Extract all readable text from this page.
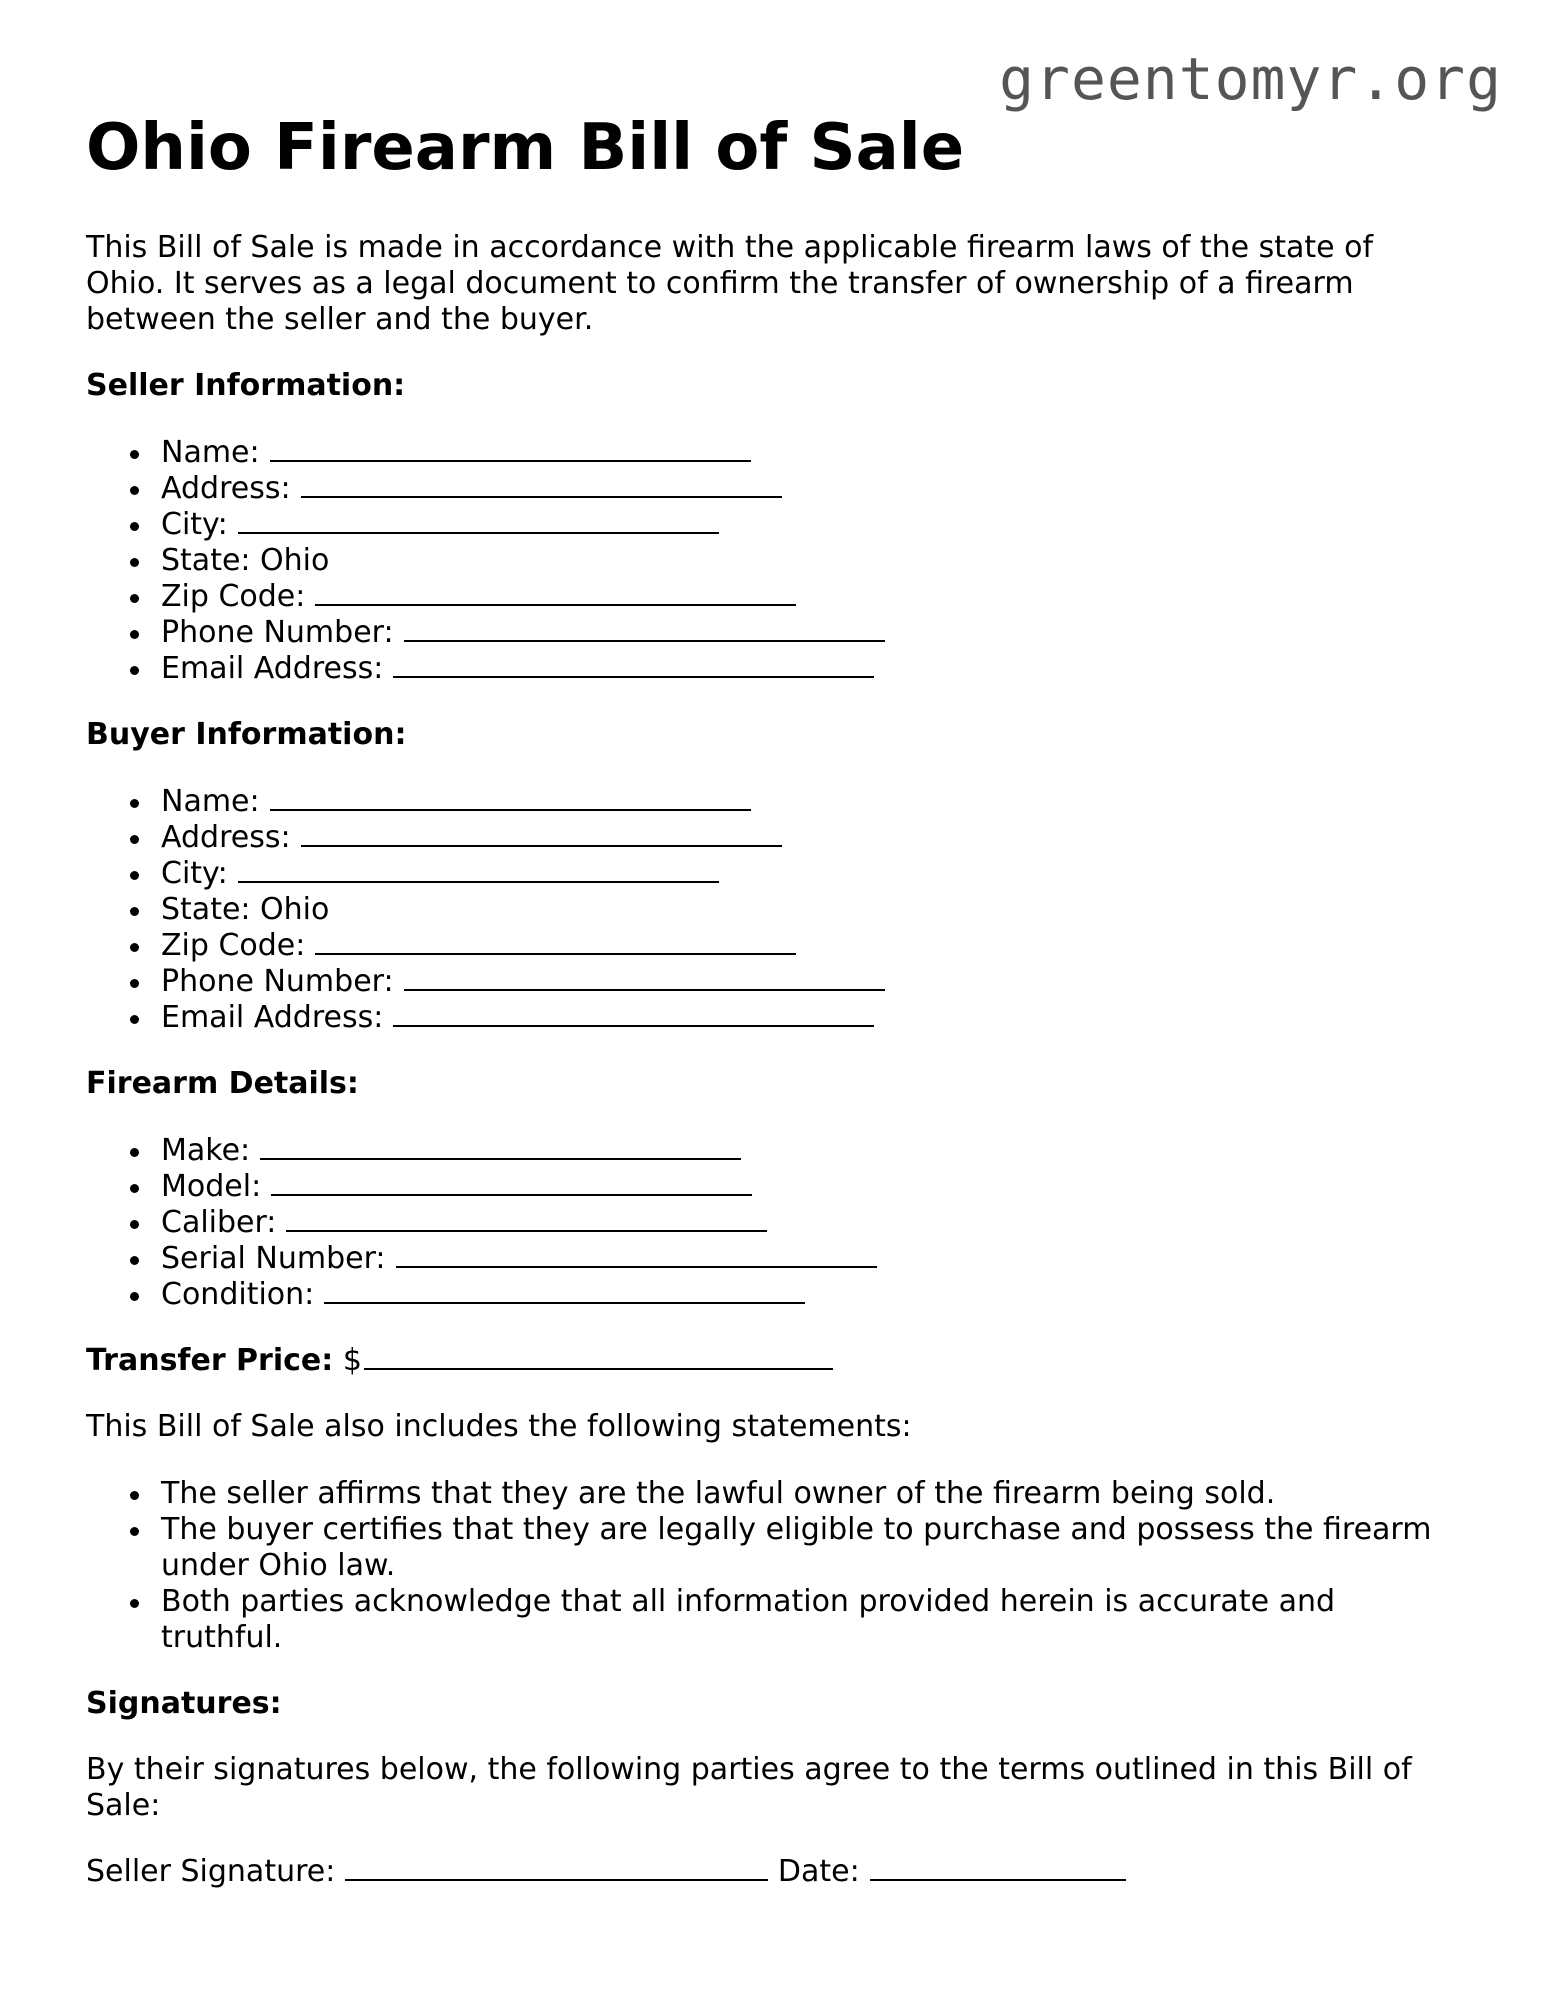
greentomyr.org
Ohio Firearm Bill of Sale

This Bill of Sale is made in accordance with the applicable firearm laws of the state of Ohio. It serves as a legal document to confirm the transfer of ownership of a firearm between the seller and the buyer.

Seller Information:
Name:
Address:
City:
State: Ohio
Zip Code:
Phone Number:
Email Address:
Buyer Information:
Name:
Address:
City:
State: Ohio
Zip Code:
Phone Number:
Email Address:
Firearm Details:
Make:
Model:
Caliber:
Serial Number:
Condition:
Transfer Price: $

This Bill of Sale also includes the following statements:

The seller affirms that they are the lawful owner of the firearm being sold.
The buyer certifies that they are legally eligible to purchase and possess the firearm under Ohio law.
Both parties acknowledge that all information provided herein is accurate and truthful.
Signatures:

By their signatures below, the following parties agree to the terms outlined in this Bill of Sale:

Seller Signature:	Date:
